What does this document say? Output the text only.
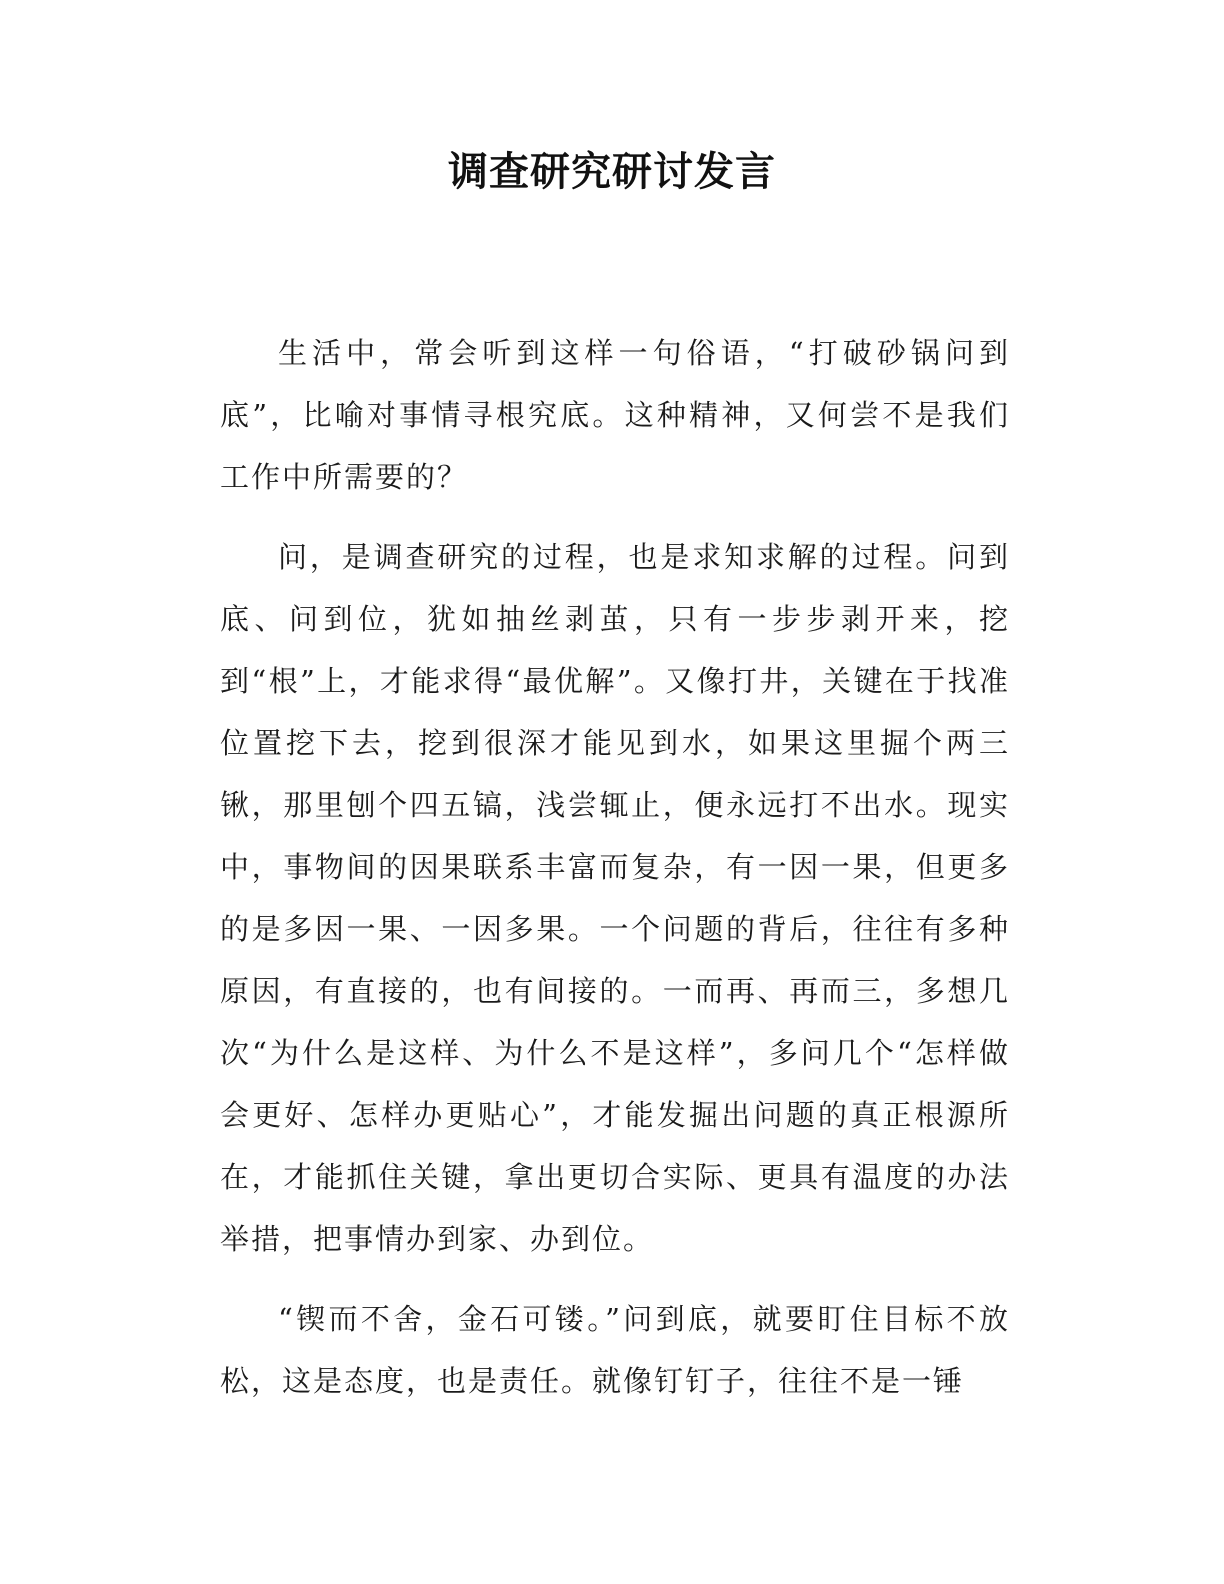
调查研究研讨发言

生活中，常会听到这样一句俗语，“打破砂锅问到底”，比喻对事情寻根究底。这种精神，又何尝不是我们工作中所需要的？

问，是调查研究的过程，也是求知求解的过程。问到底、问到位，犹如抽丝剥茧，只有一步步剥开来，挖到“根”上，才能求得“最优解”。又像打井，关键在于找准位置挖下去，挖到很深才能见到水，如果这里掘个两三锹，那里刨个四五镐，浅尝辄止，便永远打不出水。现实中，事物间的因果联系丰富而复杂，有一因一果，但更多的是多因一果、一因多果。一个问题的背后，往往有多种原因，有直接的，也有间接的。一而再、再而三，多想几次“为什么是这样、为什么不是这样”，多问几个“怎样做会更好、怎样办更贴心”，才能发掘出问题的真正根源所在，才能抓住关键，拿出更切合实际、更具有温度的办法举措，把事情办到家、办到位。

“锲而不舍，金石可镂。”问到底，就要盯住目标不放松，这是态度，也是责任。就像钉钉子，往往不是一锤
